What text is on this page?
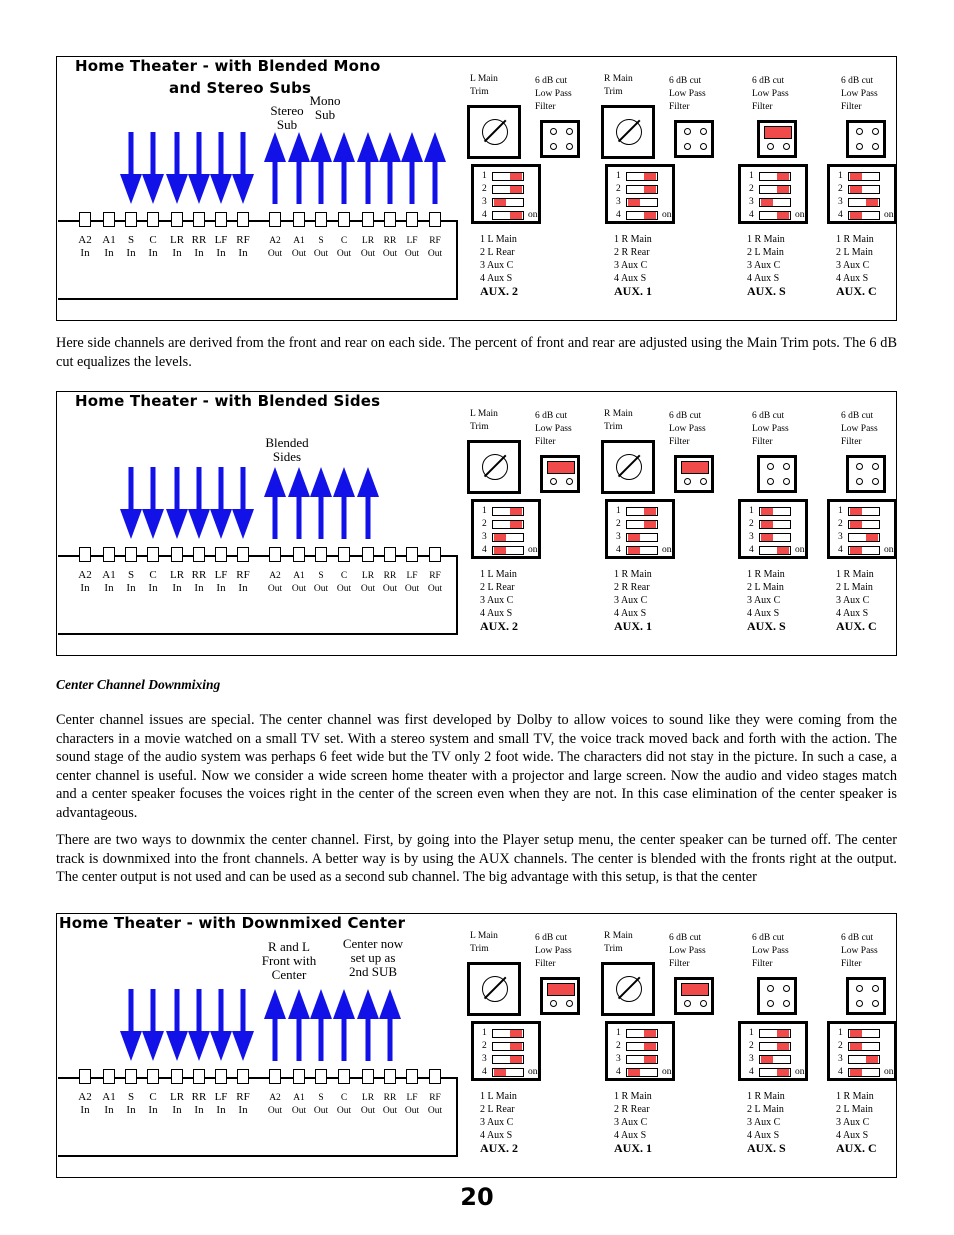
Home Theater - with Blended Mono
and Stereo Subs
Stereo
Sub
Mono
Sub
A2
In
A1
In
S
In
C
In
LR
In
RR
In
LF
In
RF
In
A2
Out
A1
Out
S
Out
C
Out
LR
Out
RR
Out
LF
Out
RF
Out
L Main
Trim
R Main
Trim
6 dB cut
Low Pass
Filter
6 dB cut
Low Pass
Filter
6 dB cut
Low Pass
Filter
6 dB cut
Low Pass
Filter
1
2
3
4	on
1 L Main
2 L Rear
3 Aux C
4 Aux S
AUX. 2
1
2
3
4	on
1 R Main
2 R Rear
3 Aux C
4 Aux S
AUX. 1
1
2
3
4	on
1 R Main
2 L Main
3 Aux C
4 Aux S
AUX. S
1
2
3
4	on
1 R Main
2 L Main
3 Aux C
4 Aux S
AUX. C
Home Theater - with Blended Sides
Blended
Sides
A2
In
A1
In
S
In
C
In
LR
In
RR
In
LF
In
RF
In
A2
Out
A1
Out
S
Out
C
Out
LR
Out
RR
Out
LF
Out
RF
Out
L Main
Trim
R Main
Trim
6 dB cut
Low Pass
Filter
6 dB cut
Low Pass
Filter
6 dB cut
Low Pass
Filter
6 dB cut
Low Pass
Filter
1
2
3
4	on
1 L Main
2 L Rear
3 Aux C
4 Aux S
AUX. 2
1
2
3
4	on
1 R Main
2 R Rear
3 Aux C
4 Aux S
AUX. 1
1
2
3
4	on
1 R Main
2 L Main
3 Aux C
4 Aux S
AUX. S
1
2
3
4	on
1 R Main
2 L Main
3 Aux C
4 Aux S
AUX. C
Home Theater - with Downmixed Center
R and L
Front with
Center
Center now
set up as
2nd SUB
A2
In
A1
In
S
In
C
In
LR
In
RR
In
LF
In
RF
In
A2
Out
A1
Out
S
Out
C
Out
LR
Out
RR
Out
LF
Out
RF
Out
L Main
Trim
R Main
Trim
6 dB cut
Low Pass
Filter
6 dB cut
Low Pass
Filter
6 dB cut
Low Pass
Filter
6 dB cut
Low Pass
Filter
1
2
3
4	on
1 L Main
2 L Rear
3 Aux C
4 Aux S
AUX. 2
1
2
3
4	on
1 R Main
2 R Rear
3 Aux C
4 Aux S
AUX. 1
1
2
3
4	on
1 R Main
2 L Main
3 Aux C
4 Aux S
AUX. S
1
2
3
4	on
1 R Main
2 L Main
3 Aux C
4 Aux S
AUX. C
Here side channels are derived from the front and rear on each side. The percent of front and rear are adjusted using the Main Trim pots. The 6 dB cut equalizes the levels.
Center Channel Downmixing
Center channel issues are special. The center channel was first developed by Dolby to allow voices to sound like they were coming from the characters in a movie watched on a small TV set. With a stereo system and small TV, the voice track moved back and forth with the action. The sound stage of the audio system was perhaps 6 feet wide but the TV only 2 foot wide. The characters did not stay in the picture. In such a case, a center channel is useful. Now we consider a wide screen home theater with a projector and large screen. Now the audio and video stages match and a center speaker focuses the voices right in the center of the screen even when they are not. In this case elimination of the center speaker is advantageous.
There are two ways to downmix the center channel. First, by going into the Player setup menu, the center speaker can be turned off. The center track is downmixed into the front channels. A better way is by using the AUX channels. The center is blended with the fronts right at the output. The center output is not used and can be used as a second sub channel. The big advantage with this setup, is that the center
20
